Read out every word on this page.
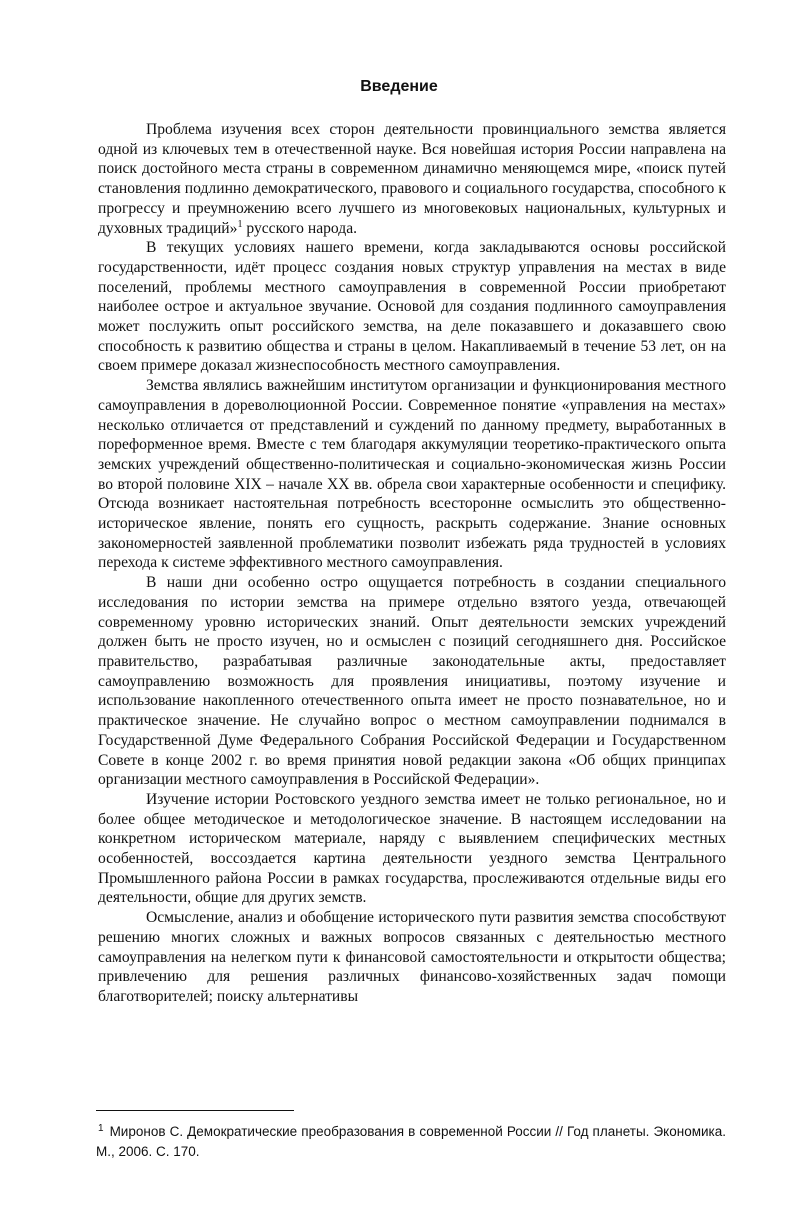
Введение

Проблема изучения всех сторон деятельности провинциального земства является одной из ключевых тем в отечественной науке. Вся новейшая история России направлена на поиск достойного места страны в современном динамично меняющемся мире, «поиск путей становления подлинно демократического, правового и социального государства, способного к прогрессу и преумножению всего лучшего из многовековых национальных, культурных и духовных традиций»$^1$ русского народа.

В текущих условиях нашего времени, когда закладываются основы российской государственности, идёт процесс создания новых структур управления на местах в виде поселений, проблемы местного самоуправления в современной России приобретают наиболее острое и актуальное звучание. Основой для создания подлинного самоуправления может послужить опыт российского земства, на деле показавшего и доказавшего свою способность к развитию общества и страны в целом. Накапливаемый в течение 53 лет, он на своем примере доказал жизнеспособность местного самоуправления.

Земства являлись важнейшим институтом организации и функционирования местного самоуправления в дореволюционной России. Современное понятие «управления на местах» несколько отличается от представлений и суждений по данному предмету, выработанных в пореформенное время. Вместе с тем благодаря аккумуляции теоретико-практического опыта земских учреждений общественно-политическая и социально-экономическая жизнь России во второй половине XIX – начале XX вв. обрела свои характерные особенности и специфику. Отсюда возникает настоятельная потребность всесторонне осмыслить это общественно-историческое явление, понять его сущность, раскрыть содержание. Знание основных закономерностей заявленной проблематики позволит избежать ряда трудностей в условиях перехода к системе эффективного местного самоуправления.

В наши дни особенно остро ощущается потребность в создании специального исследования по истории земства на примере отдельно взятого уезда, отвечающей современному уровню исторических знаний. Опыт деятельности земских учреждений должен быть не просто изучен, но и осмыслен с позиций сегодняшнего дня. Российское правительство, разрабатывая различные законодательные акты, предоставляет самоуправлению возможность для проявления инициативы, поэтому изучение и использование накопленного отечественного опыта имеет не просто познавательное, но и практическое значение. Не случайно вопрос о местном самоуправлении поднимался в Государственной Думе Федерального Собрания Российской Федерации и Государственном Совете в конце 2002 г. во время принятия новой редакции закона «Об общих принципах организации местного самоуправления в Российской Федерации».

Изучение истории Ростовского уездного земства имеет не только региональное, но и более общее методическое и методологическое значение. В настоящем исследовании на конкретном историческом материале, наряду с выявлением специфических местных особенностей, воссоздается картина деятельности уездного земства Центрального Промышленного района России в рамках государства, прослеживаются отдельные виды его деятельности, общие для других земств.

Осмысление, анализ и обобщение исторического пути развития земства способствуют решению многих сложных и важных вопросов связанных с деятельностью местного самоуправления на нелегком пути к финансовой самостоятельности и открытости общества; привлечению для решения различных финансово-хозяйственных задач помощи благотворителей; поиску альтернативы

$^1$ Миронов С. Демократические преобразования в современной России // Год планеты. Экономика. М., 2006. С. 170.
